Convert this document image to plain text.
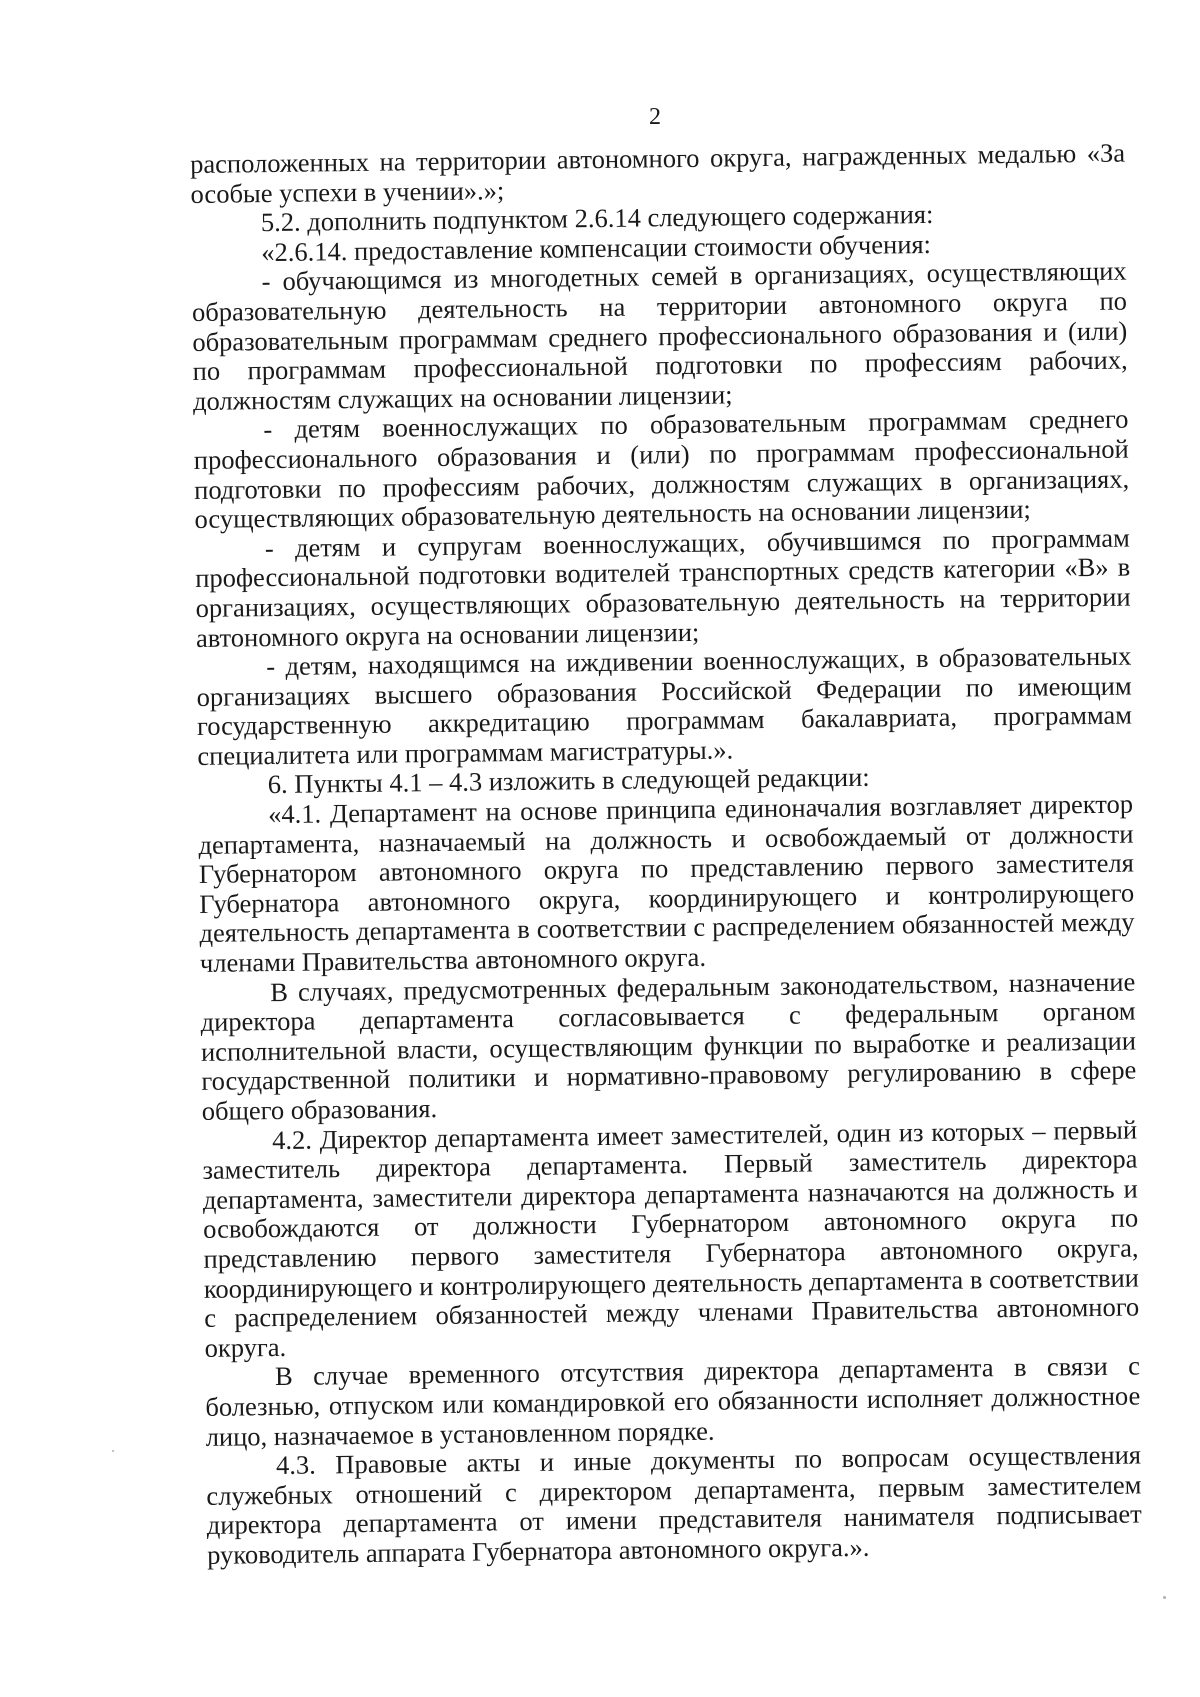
2

расположенных на территории автономного округа, награжденных медалью «За особые успехи в учении».»;

5.2. дополнить подпунктом 2.6.14 следующего содержания:

«2.6.14. предоставление компенсации стоимости обучения:

- обучающимся из многодетных семей в организациях, осуществляющих образовательную деятельность на территории автономного округа по образовательным программам среднего профессионального образования и (или) по программам профессиональной подготовки по профессиям рабочих, должностям служащих на основании лицензии;

- детям военнослужащих по образовательным программам среднего профессионального образования и (или) по программам профессиональной подготовки по профессиям рабочих, должностям служащих в организациях, осуществляющих образовательную деятельность на основании лицензии;

- детям и супругам военнослужащих, обучившимся по программам профессиональной подготовки водителей транспортных средств категории «В» в организациях, осуществляющих образовательную деятельность на территории автономного округа на основании лицензии;

- детям, находящимся на иждивении военнослужащих, в образовательных организациях высшего образования Российской Федерации по имеющим государственную аккредитацию программам бакалавриата, программам специалитета или программам магистратуры.».

6. Пункты 4.1 – 4.3 изложить в следующей редакции:

«4.1. Департамент на основе принципа единоначалия возглавляет директор департамента, назначаемый на должность и освобождаемый от должности Губернатором автономного округа по представлению первого заместителя Губернатора автономного округа, координирующего и контролирующего деятельность департамента в соответствии с распределением обязанностей между членами Правительства автономного округа.

В случаях, предусмотренных федеральным законодательством, назначение директора департамента согласовывается с федеральным органом исполнительной власти, осуществляющим функции по выработке и реализации государственной политики и нормативно-правовому регулированию в сфере общего образования.

4.2. Директор департамента имеет заместителей, один из которых – первый заместитель директора департамента. Первый заместитель директора департамента, заместители директора департамента назначаются на должность и освобождаются от должности Губернатором автономного округа по представлению первого заместителя Губернатора автономного округа, координирующего и контролирующего деятельность департамента в соответствии с распределением обязанностей между членами Правительства автономного округа.

В случае временного отсутствия директора департамента в связи с болезнью, отпуском или командировкой его обязанности исполняет должностное лицо, назначаемое в установленном порядке.

4.3. Правовые акты и иные документы по вопросам осуществления служебных отношений с директором департамента, первым заместителем директора департамента от имени представителя нанимателя подписывает руководитель аппарата Губернатора автономного округа.».
